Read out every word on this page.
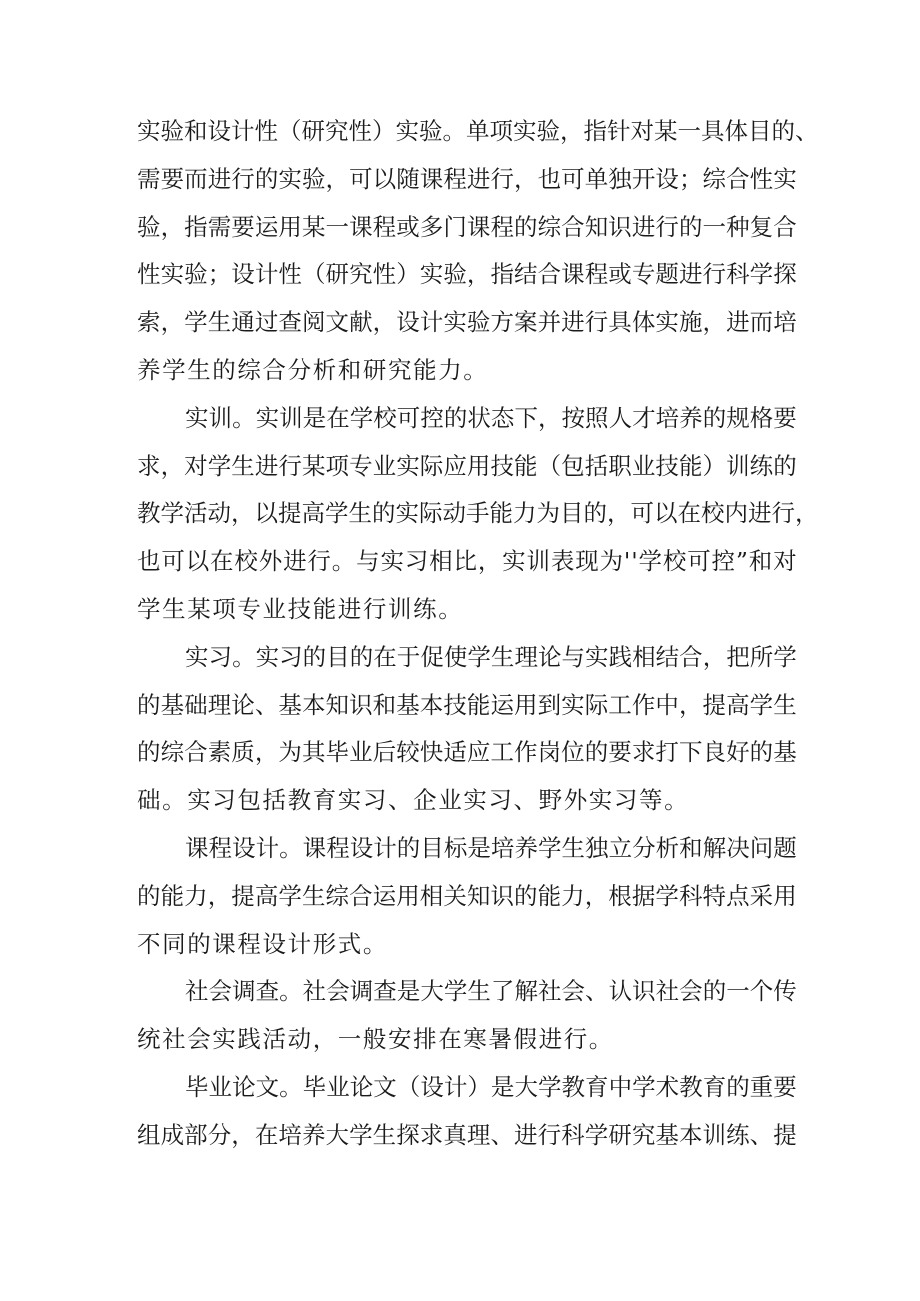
实 验 和 设 计 性 （ 研 究 性 ） 实 验 。 单 项 实 验 ， 指 针 对 某 一 具 体 目 的 、
需 要 而 进 行 的 实 验 ， 可 以 随 课 程 进 行 ， 也 可 单 独 开 设 ； 综 合 性 实
验 ， 指 需 要 运 用 某 一 课 程 或 多 门 课 程 的 综 合 知 识 进 行 的 一 种 复 合
性 实 验 ； 设 计 性 （ 研 究 性 ） 实 验 ， 指 结 合 课 程 或 专 题 进 行 科 学 探
索 ， 学 生 通 过 查 阅 文 献 ， 设 计 实 验 方 案 并 进 行 具 体 实 施 ， 进 而 培
养学生的综合分析和研究能力。
实 训 。 实 训 是 在 学 校 可 控 的 状 态 下 ， 按 照 人 才 培 养 的 规 格 要
求 ， 对 学 生 进 行 某 项 专 业 实 际 应 用 技 能 （ 包 括 职 业 技 能 ） 训 练 的
教 学 活 动 ， 以 提 高 学 生 的 实 际 动 手 能 力 为 目 的 ， 可 以 在 校 内 进 行 ，
也 可 以 在 校 外 进 行 。 与 实 习 相 比 ， 实 训 表 现 为 ' ' 学 校 可 控 ” 和 对
学生某项专业技能进行训练。
实 习 。 实 习 的 目 的 在 于 促 使 学 生 理 论 与 实 践 相 结 合 ， 把 所 学
的 基 础 理 论 、 基 本 知 识 和 基 本 技 能 运 用 到 实 际 工 作 中 ， 提 高 学 生
的 综 合 素 质 ， 为 其 毕 业 后 较 快 适 应 工 作 岗 位 的 要 求 打 下 良 好 的 基
础。实习包括教育实习、企业实习、野外实习等。
课 程 设 计 。 课 程 设 计 的 目 标 是 培 养 学 生 独 立 分 析 和 解 决 问 题
的 能 力 ， 提 高 学 生 综 合 运 用 相 关 知 识 的 能 力 ， 根 据 学 科 特 点 采 用
不同的课程设计形式。
社 会 调 查 。 社 会 调 查 是 大 学 生 了 解 社 会 、 认 识 社 会 的 一 个 传
统社会实践活动，一般安排在寒暑假进行。
毕 业 论 文 。 毕 业 论 文 （ 设 计 ） 是 大 学 教 育 中 学 术 教 育 的 重 要
组 成 部 分 ， 在 培 养 大 学 生 探 求 真 理 、 进 行 科 学 研 究 基 本 训 练 、 提
